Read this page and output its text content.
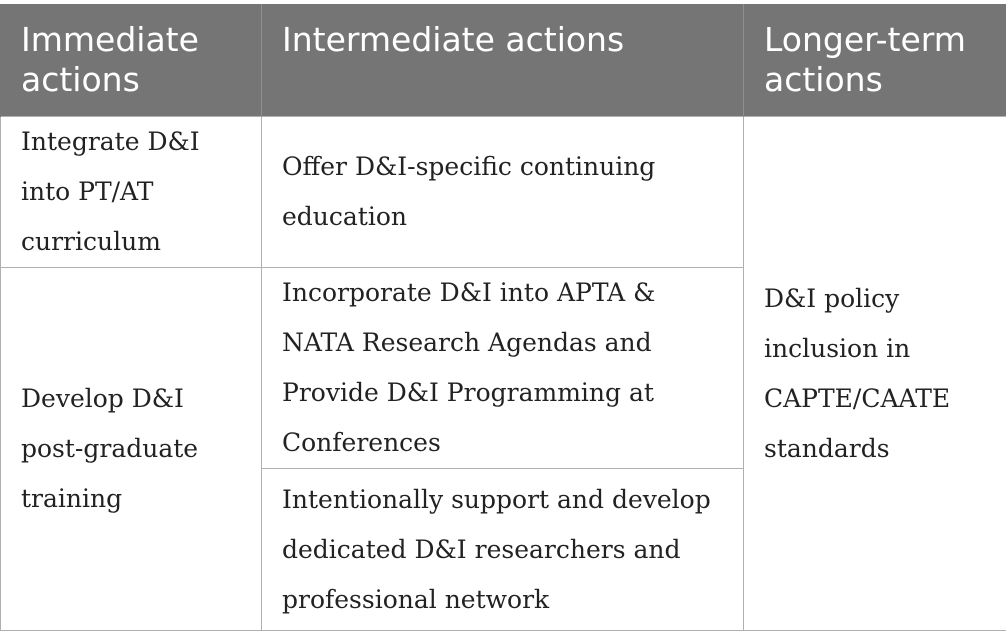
Immediate actions	Intermediate actions	Longer-term actions
Integrate D&I into PT/AT curriculum	Offer D&I-specific continuing education	D&I policy inclusion in CAPTE/CAATE standards
Develop D&I post-graduate training	Incorporate D&I into APTA & NATA Research Agendas and Provide D&I Programming at Conferences	
	Intentionally support and develop dedicated D&I researchers and professional network	
